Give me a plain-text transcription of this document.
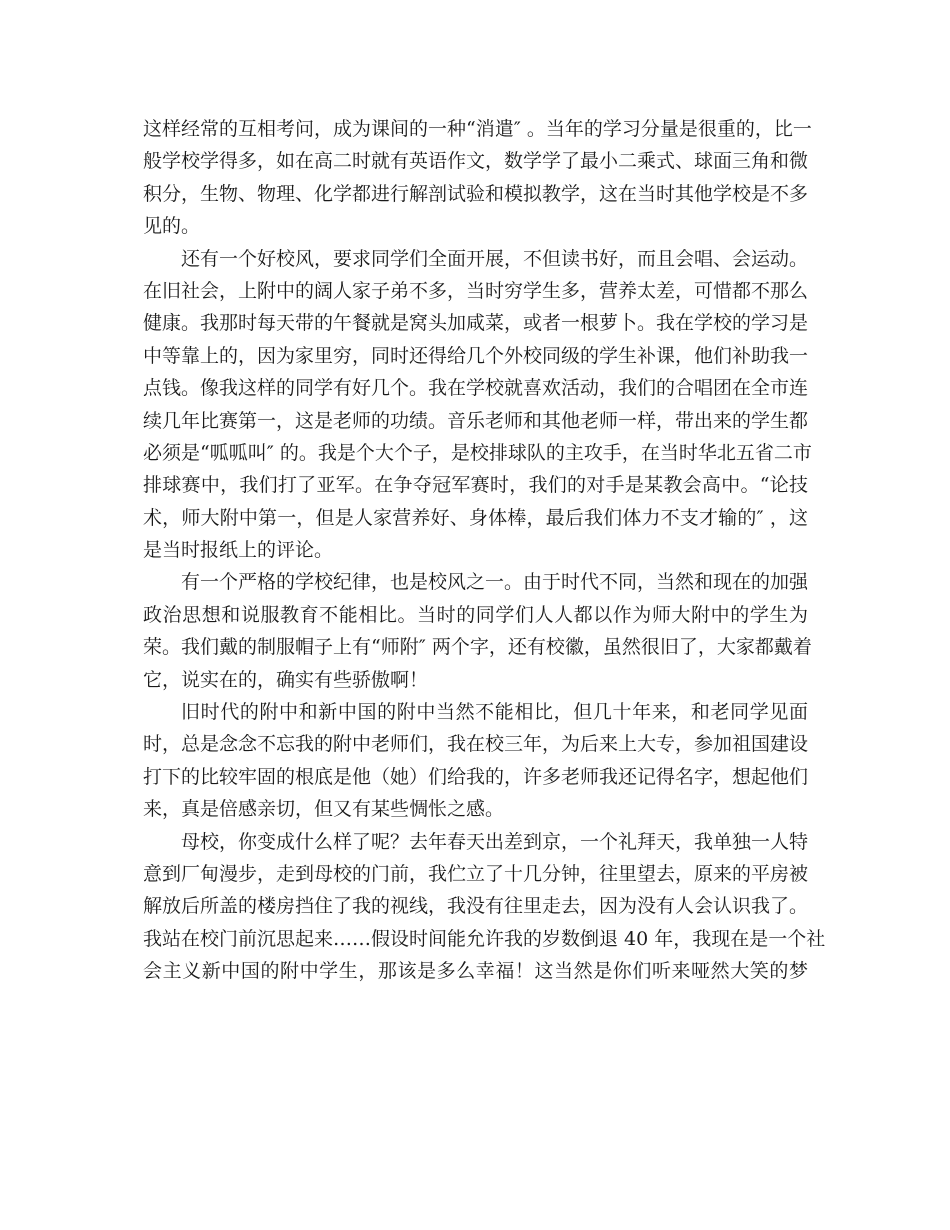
这样经常的互相考问，成为课间的一种“消遣″ 。当年的学习分量是很重的，比一
般学校学得多，如在高二时就有英语作文，数学学了最小二乘式、球面三角和微
积分，生物、物理、化学都进行解剖试验和模拟教学，这在当时其他学校是不多
见的。
还有一个好校风，要求同学们全面开展，不但读书好，而且会唱、会运动。
在旧社会，上附中的阔人家子弟不多，当时穷学生多，营养太差，可惜都不那么
健康。我那时每天带的午餐就是窝头加咸菜，或者一根萝卜。我在学校的学习是
中等靠上的，因为家里穷，同时还得给几个外校同级的学生补课，他们补助我一
点钱。像我这样的同学有好几个。我在学校就喜欢活动，我们的合唱团在全市连
续几年比赛第一，这是老师的功绩。音乐老师和其他老师一样，带出来的学生都
必须是“呱呱叫″ 的。我是个大个子，是校排球队的主攻手，在当时华北五省二市
排球赛中，我们打了亚军。在争夺冠军赛时，我们的对手是某教会高中。“论技
术，师大附中第一，但是人家营养好、身体棒，最后我们体力不支才输的″ ，这
是当时报纸上的评论。
有一个严格的学校纪律，也是校风之一。由于时代不同，当然和现在的加强
政治思想和说服教育不能相比。当时的同学们人人都以作为师大附中的学生为
荣。我们戴的制服帽子上有“师附″ 两个字，还有校徽，虽然很旧了，大家都戴着
它，说实在的，确实有些骄傲啊！
旧时代的附中和新中国的附中当然不能相比，但几十年来，和老同学见面
时，总是念念不忘我的附中老师们，我在校三年，为后来上大专，参加祖国建设
打下的比较牢固的根底是他（她）们给我的，许多老师我还记得名字，想起他们
来，真是倍感亲切，但又有某些惆怅之感。
母校，你变成什么样了呢？去年春天出差到京，一个礼拜天，我单独一人特
意到厂甸漫步，走到母校的门前，我伫立了十几分钟，往里望去，原来的平房被
解放后所盖的楼房挡住了我的视线，我没有往里走去，因为没有人会认识我了。
我站在校门前沉思起来……假设时间能允许我的岁数倒退 40 年，我现在是一个社
会主义新中国的附中学生，那该是多么幸福！这当然是你们听来哑然大笑的梦
